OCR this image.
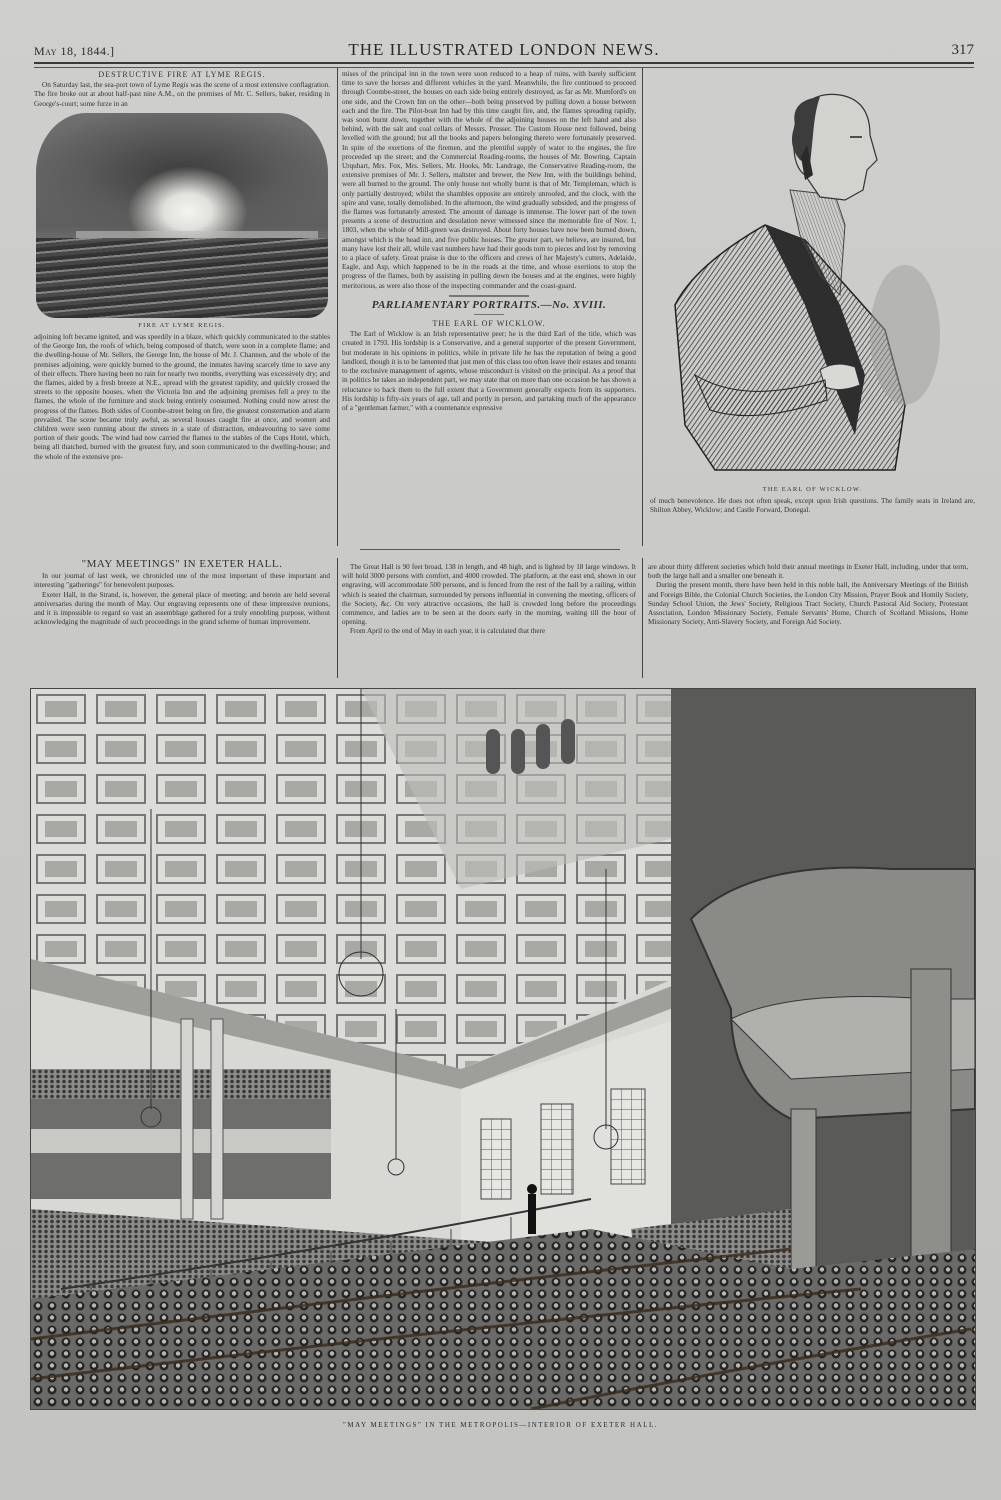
May 18, 1844.]	THE ILLUSTRATED LONDON NEWS.	317
DESTRUCTIVE FIRE AT LYME REGIS.

On Saturday last, the sea-port town of Lyme Regis was the scene of a most extensive conflagration. The fire broke out at about half-past nine A.M., on the premises of Mr. C. Sellers, baker, residing in George's-court; some furze in an

FIRE AT LYME REGIS.

adjoining loft became ignited, and was speedily in a blaze, which quickly communicated to the stables of the George Inn, the roofs of which, being composed of thatch, were soon in a complete flame; and the dwelling-house of Mr. Sellers, the George Inn, the house of Mr. J. Channon, and the whole of the premises adjoining, were quickly burned to the ground, the inmates having scarcely time to save any of their effects. There having been no rain for nearly two months, everything was excessively dry; and the flames, aided by a fresh breeze at N.E., spread with the greatest rapidity, and quickly crossed the streets to the opposite houses, when the Victoria Inn and the adjoining premises fell a prey to the flames, the whole of the furniture and stock being entirely consumed. Nothing could now arrest the progress of the flames. Both sides of Coombe-street being on fire, the greatest consternation and alarm prevailed. The scene became truly awful, as several houses caught fire at once, and women and children were seen running about the streets in a state of distraction, endeavouring to save some portion of their goods. The wind had now carried the flames to the stables of the Cups Hotel, which, being all thatched, burned with the greatest fury, and soon communicated to the dwelling-house; and the whole of the extensive pre-

mises of the principal inn in the town were soon reduced to a heap of ruins, with barely sufficient time to save the horses and different vehicles in the yard. Meanwhile, the fire continued to proceed through Coombe-street, the houses on each side being entirely destroyed, as far as Mr. Mumford's on one side, and the Crown Inn on the other—both being preserved by pulling down a house between each and the fire. The Pilot-boat Inn had by this time caught fire, and, the flames spreading rapidly, was soon burnt down, together with the whole of the adjoining houses on the left hand and also behind, with the salt and coal cellars of Messrs. Prosser. The Custom House next followed, being levelled with the ground; but all the books and papers belonging thereto were fortunately preserved. In spite of the exertions of the firemen, and the plentiful supply of water to the engines, the fire proceeded up the street; and the Commercial Reading-rooms, the houses of Mr. Bowring, Captain Urquhart, Mrs. Fox, Mrs. Sellers, Mr. Hooks, Mr. Landrage, the Conservative Reading-room, the extensive premises of Mr. J. Sellers, maltster and brewer, the New Inn, with the buildings behind, were all burned to the ground. The only house not wholly burnt is that of Mr. Templeman, which is only partially destroyed; whilst the shambles opposite are entirely unroofed, and the clock, with the spire and vane, totally demolished. In the afternoon, the wind gradually subsided, and the progress of the flames was fortunately arrested. The amount of damage is immense. The lower part of the town presents a scene of destruction and desolation never witnessed since the memorable fire of Nov. 1, 1803, when the whole of Mill-green was destroyed. About forty houses have now been burned down, amongst which is the head inn, and five public houses. The greater part, we believe, are insured, but many have lost their all, while vast numbers have had their goods torn to pieces and lost by removing to a place of safety. Great praise is due to the officers and crews of her Majesty's cutters, Adelaide, Eagle, and Asp, which happened to be in the roads at the time, and whose exertions to stop the progress of the flames, both by assisting in pulling down the houses and at the engines, were highly meritorious, as were also those of the inspecting commander and the coast-guard.

PARLIAMENTARY PORTRAITS.—No. XVIII.
THE EARL OF WICKLOW.

The Earl of Wicklow is an Irish representative peer; he is the third Earl of the title, which was created in 1793. His lordship is a Conservative, and a general supporter of the present Government, but moderate in his opinions in politics, while in private life he has the reputation of being a good landlord, though it is to be lamented that just men of this class too often leave their estates and tenants to the exclusive management of agents, whose misconduct is visited on the principal. As a proof that in politics he takes an independent part, we may state that on more than one occasion he has shown a reluctance to back them to the full extent that a Government generally expects from its supporters. His lordship is fifty-six years of age, tall and portly in person, and partaking much of the appearance of a "gentleman farmer," with a countenance expressive

THE EARL OF WICKLOW.

of much benevolence. He does not often speak, except upon Irish questions. The family seats in Ireland are, Shilton Abbey, Wicklow; and Castle Forward, Donegal.

"MAY MEETINGS" IN EXETER HALL.

In our journal of last week, we chronicled one of the most important of these important and interesting "gatherings" for benevolent purposes.

Exeter Hall, in the Strand, is, however, the general place of meeting; and herein are held several anniversaries during the month of May. Our engraving represents one of these impressive reunions, and it is impossible to regard so vast an assemblage gathered for a truly ennobling purpose, without acknowledging the magnitude of such proceedings in the grand scheme of human improvement.

The Great Hall is 90 feet broad, 138 in length, and 48 high, and is lighted by 18 large windows. It will hold 3000 persons with comfort, and 4000 crowded. The platform, at the east end, shown in our engraving, will accommodate 500 persons, and is fenced from the rest of the hall by a railing, within which is seated the chairman, surrounded by persons influential in convening the meeting, officers of the Society, &c. On very attractive occasions, the hall is crowded long before the proceedings commence, and ladies are to be seen at the doors early in the morning, waiting till the hour of opening.

From April to the end of May in each year, it is calculated that there

are about thirty different societies which hold their annual meetings in Exeter Hall, including, under that term, both the large hall and a smaller one beneath it.

During the present month, there have been held in this noble hall, the Anniversary Meetings of the British and Foreign Bible, the Colonial Church Societies, the London City Mission, Prayer Book and Homily Society, Sunday School Union, the Jews' Society, Religious Tract Society, Church Pastoral Aid Society, Protestant Association, London Missionary Society, Female Servants' Home, Church of Scotland Missions, Home Missionary Society, Anti-Slavery Society, and Foreign Aid Society.

"MAY MEETINGS" IN THE METROPOLIS—INTERIOR OF EXETER HALL.
